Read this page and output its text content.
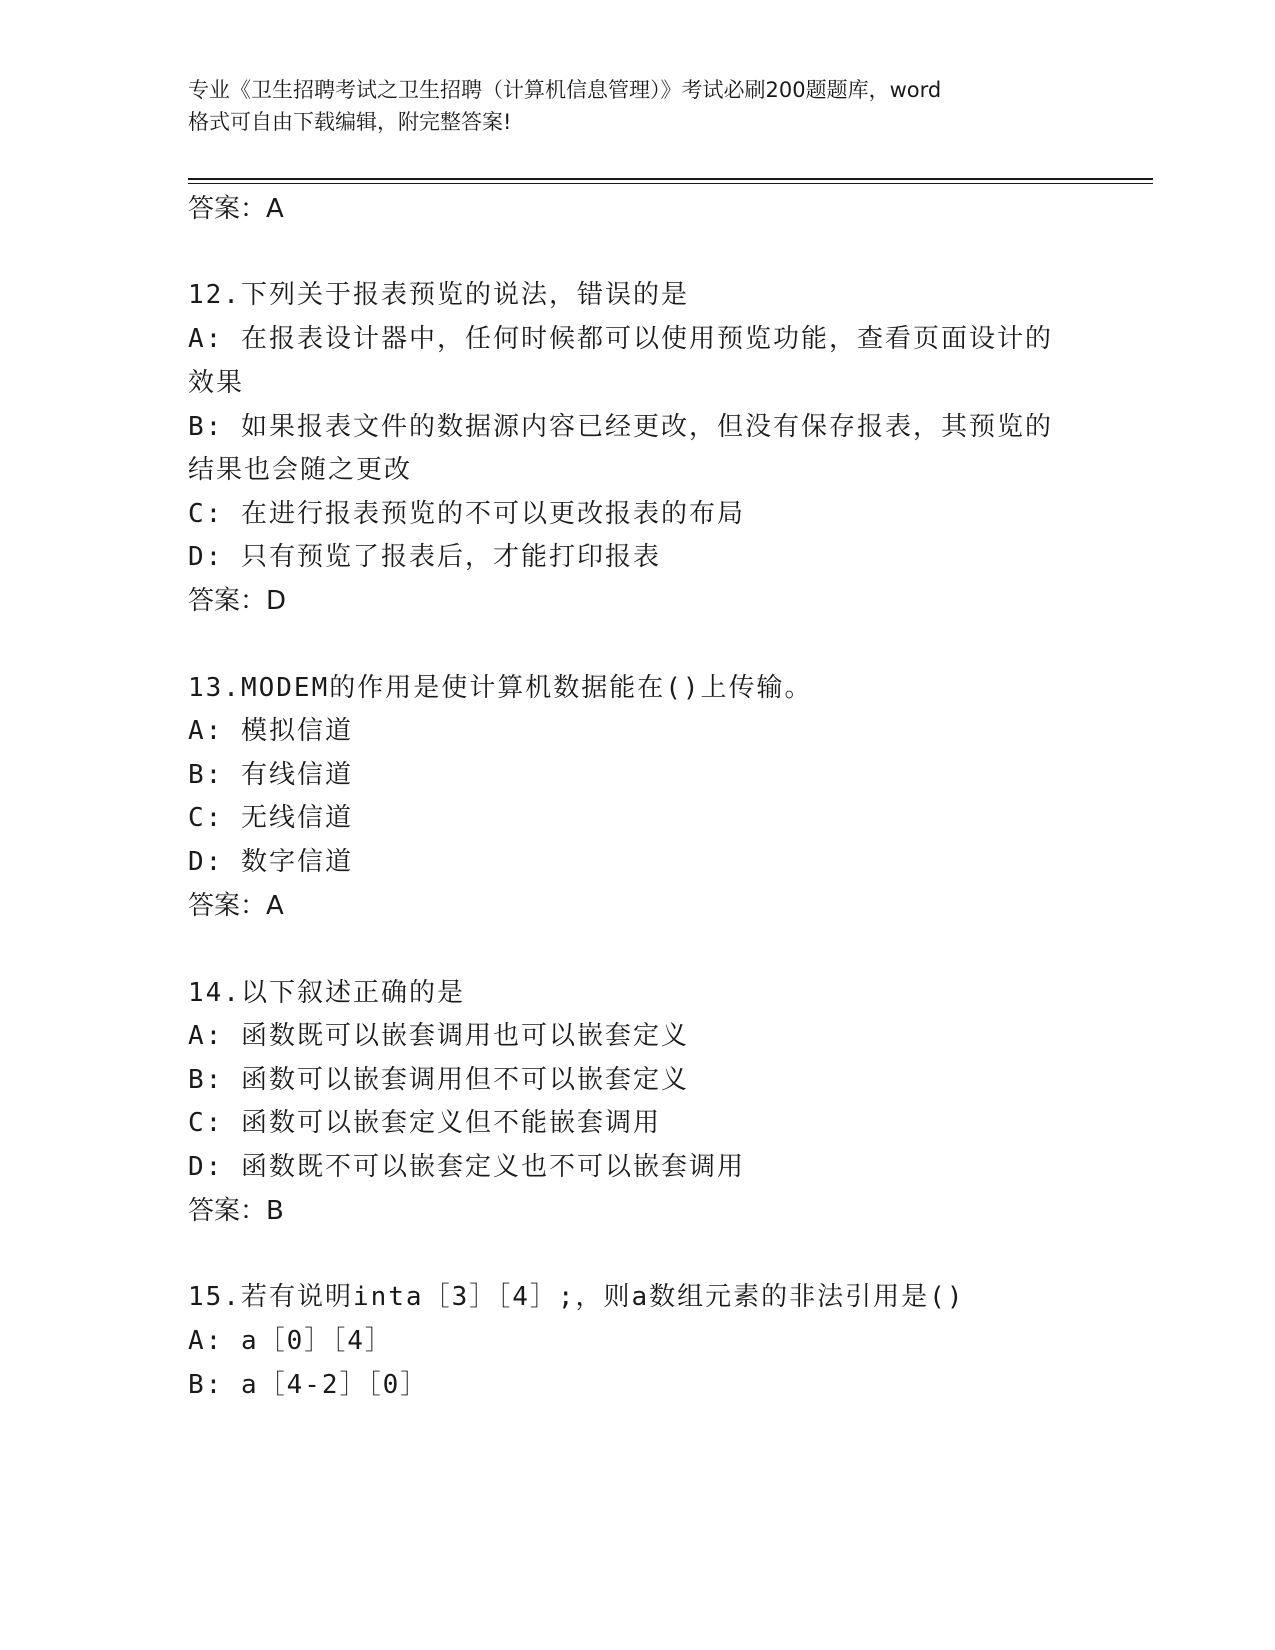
专业《卫生招聘考试之卫生招聘（计算机信息管理）》考试必刷200题题库，word
格式可自由下载编辑，附完整答案!
答案：A
12.下列关于报表预览的说法，错误的是
A: 在报表设计器中，任何时候都可以使用预览功能，查看页面设计的
效果
B: 如果报表文件的数据源内容已经更改，但没有保存报表，其预览的
结果也会随之更改
C: 在进行报表预览的不可以更改报表的布局
D: 只有预览了报表后，才能打印报表
答案：D
13.MODEM的作用是使计算机数据能在()上传输。
A: 模拟信道
B: 有线信道
C: 无线信道
D: 数字信道
答案：A
14.以下叙述正确的是
A: 函数既可以嵌套调用也可以嵌套定义
B: 函数可以嵌套调用但不可以嵌套定义
C: 函数可以嵌套定义但不能嵌套调用
D: 函数既不可以嵌套定义也不可以嵌套调用
答案：B
15.若有说明inta［3］［4］;，则a数组元素的非法引用是()
A: a［0］［4］
B: a［4-2］［0］
